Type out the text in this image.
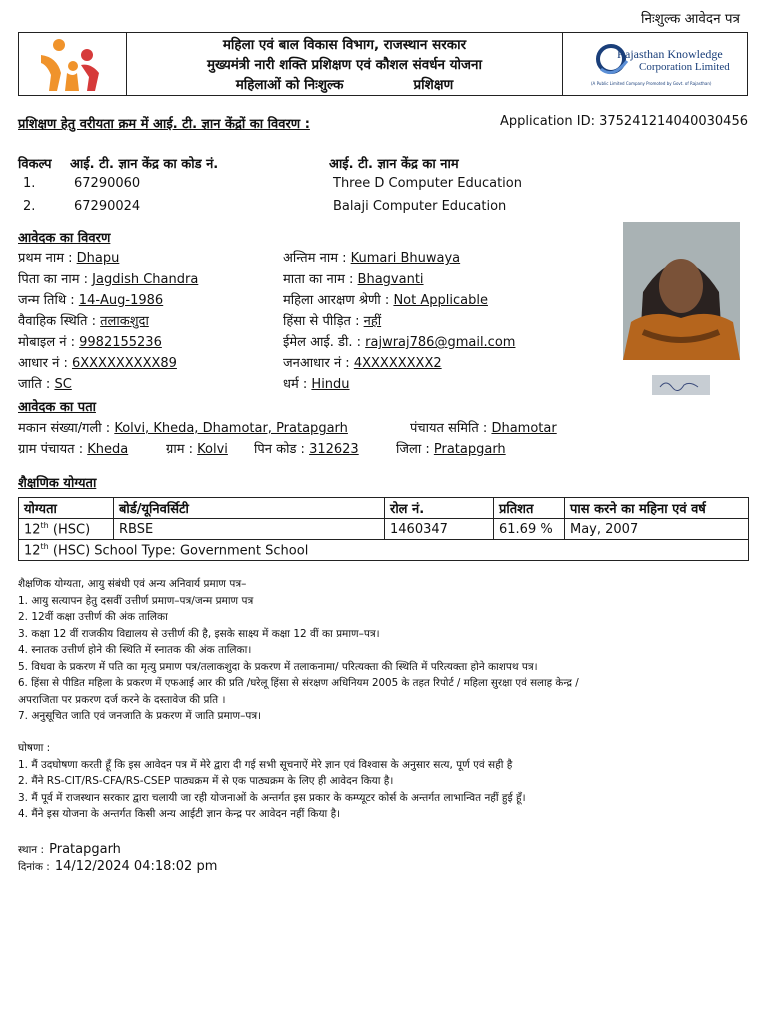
निःशुल्क आवेदन पत्र
महिला एवं बाल विकास विभाग, राजस्थान सरकार
मुख्यमंत्री नारी शक्ति प्रशिक्षण एवं कौशल संवर्धन योजना
महिलाओं को निःशुल्क	प्रशिक्षण
Rajasthan Knowledge
Corporation Limited
(A Public Limited Company Promoted by Govt. of Rajasthan)
प्रशिक्षण हेतु वरीयता क्रम में आई. टी. ज्ञान केंद्रों का विवरण :	Application ID: 375241214040030456
विकल्प आई. टी. ज्ञान केंद्र का कोड नं.	आई. टी. ज्ञान केंद्र का नाम
1.	67290060	Three D Computer Education
2.	67290024	Balaji Computer Education
आवेदक का विवरण
प्रथम नाम : Dhapu	अन्तिम नाम : Kumari Bhuwaya
पिता का नाम : Jagdish Chandra	माता का नाम : Bhagvanti
जन्म तिथि : 14-Aug-1986	महिला आरक्षण श्रेणी : Not Applicable
वैवाहिक स्थिति : तलाकशुदा	हिंसा से पीड़ित : नहीं
मोबाइल नं : 9982155236	ईमेल आई. डी. : rajwraj786@gmail.com
आधार नं : 6XXXXXXXXX89	जनआधार नं : 4XXXXXXXX2
जाति : SC	धर्म : Hindu
आवेदक का पता
मकान संख्या/गली : Kolvi, Kheda, Dhamotar, Pratapgarh	पंचायत समिति : Dhamotar
ग्राम पंचायत : Kheda	ग्राम : Kolvi पिन कोड : 312623	जिला : Pratapgarh
शैक्षणिक योग्यता
योग्यता	बोर्ड/यूनिवर्सिटी	रोल नं.	प्रतिशत	पास करने का महिना एवं वर्ष
12th (HSC)	RBSE	1460347	61.69 %	May, 2007
12th (HSC) School Type: Government School				
शैक्षणिक योग्यता, आयु संबंधी एवं अन्य अनिवार्य प्रमाण पत्र–
1. आयु सत्यापन हेतु दसवीं उत्तीर्ण प्रमाण–पत्र/जन्म प्रमाण पत्र
2. 12वीं कक्षा उत्तीर्ण की अंक तालिका
3. कक्षा 12 वीं राजकीय विद्यालय से उत्तीर्ण की है, इसके साक्ष्य में कक्षा 12 वीं का प्रमाण–पत्र।
4. स्नातक उत्तीर्ण होने की स्थिति में स्नातक की अंक तालिका।
5. विधवा के प्रकरण में पति का मृत्यु प्रमाण पत्र/तलाकशुदा के प्रकरण में तलाकनामा/ परित्यक्ता की स्थिति में परित्यक्ता होने काशपथ पत्र।
6. हिंसा से पीडित महिला के प्रकरण में एफआई आर की प्रति /घरेलू हिंसा से संरक्षण अधिनियम 2005 के तहत रिपोर्ट / महिला सुरक्षा एवं सलाह केन्द्र /
अपराजिता पर प्रकरण दर्ज करने के दस्तावेज की प्रति ।
7. अनुसूचित जाति एवं जनजाति के प्रकरण में जाति प्रमाण–पत्र।
घोषणा :
1. मैं उदघोषणा करती हूँ कि इस आवेदन पत्र में मेरे द्वारा दी गई सभी सूचनाऐं मेरे ज्ञान एवं विश्वास के अनुसार सत्य, पूर्ण एवं सही है
2. मैंने RS-CIT/RS-CFA/RS-CSEP पाठ्यक्रम में से एक पाठ्यक्रम के लिए ही आवेदन किया है।
3. मैं पूर्व में राजस्थान सरकार द्वारा चलायी जा रही योजनाओं के अन्तर्गत इस प्रकार के कम्प्यूटर कोर्स के अन्तर्गत लाभान्वित नहीं हुई हूँ।
4. मैंने इस योजना के अन्तर्गत किसी अन्य आईटी ज्ञान केन्द्र पर आवेदन नहीं किया है।
स्थान : Pratapgarh
दिनांक : 14/12/2024 04:18:02 pm
